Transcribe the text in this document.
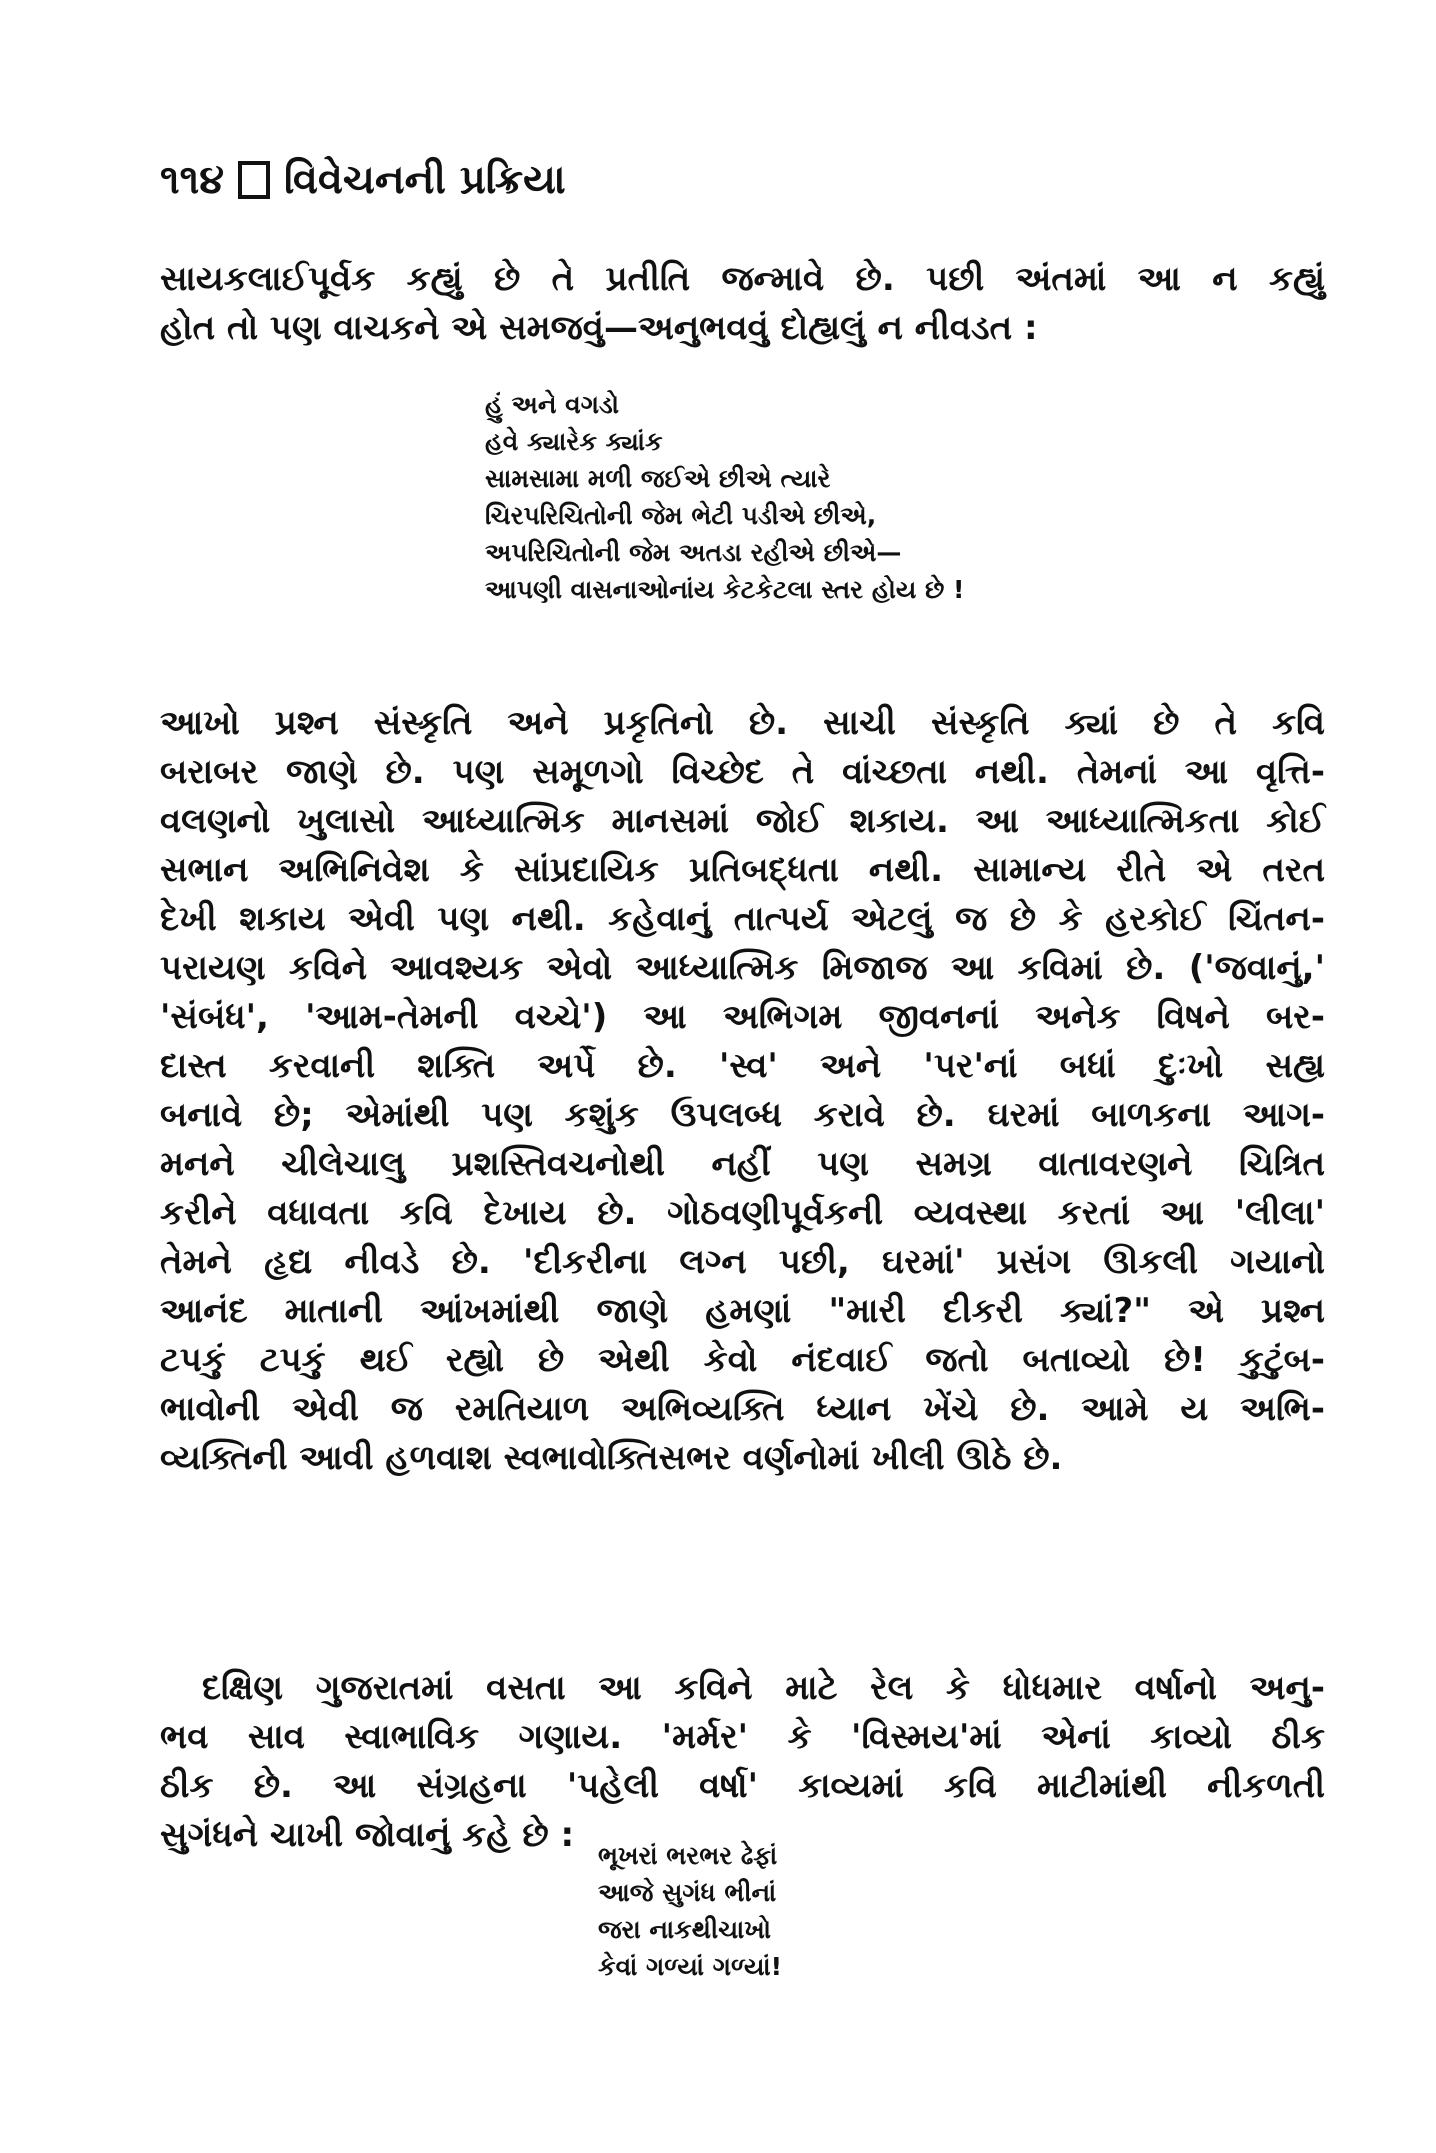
૧૧૪ વિવેચનની પ્રક્રિયા
સાયકલાઈપૂર્વક કહ્યું છે તે પ્રતીતિ જન્માવે છે. પછી અંતમાં આ ન કહ્યું
હોત તો પણ વાચકને એ સમજવું—અનુભવવું દોહ્યલું ન નીવડત :
હું અને વગડો
હવે ક્યારેક ક્યાંક
સામસામા મળી જઈએ છીએ ત્યારે
ચિરપરિચિતોની જેમ ભેટી પડીએ છીએ,
અપરિચિતોની જેમ અતડા રહીએ છીએ—
આપણી વાસનાઓનાંય કેટકેટલા સ્તર હોય છે !
આખો પ્રશ્ન સંસ્કૃતિ અને પ્રકૃતિનો છે. સાચી સંસ્કૃતિ ક્યાં છે તે કવિ
બરાબર જાણે છે. પણ સમૂળગો વિચ્છેદ તે વાંચ્છતા નથી. તેમનાં આ વૃત્તિ-
વલણનો ખુલાસો આધ્યાત્મિક માનસમાં જોઈ શકાય. આ આધ્યાત્મિકતા કોઈ
સભાન અભિનિવેશ કે સાંપ્રદાયિક પ્રતિબદ્ધતા નથી. સામાન્ય રીતે એ તરત
દેખી શકાય એવી પણ નથી. કહેવાનું તાત્પર્ય એટલું જ છે કે હરકોઈ ચિંતન-
પરાયણ કવિને આવશ્યક એવો આધ્યાત્મિક મિજાજ આ કવિમાં છે. ('જવાનું,'
'સંબંધ', 'આમ-તેમની વચ્ચે') આ અભિગમ જીવનનાં અનેક વિષને બર-
દાસ્ત કરવાની શક્તિ અર્પે છે. 'સ્વ' અને 'પર'નાં બધાં દુઃખો સહ્ય
બનાવે છે; એમાંથી પણ કશુંક ઉપલબ્ધ કરાવે છે. ઘરમાં બાળકના આગ-
મનને ચીલેચાલુ પ્રશસ્તિવચનોથી નહીં પણ સમગ્ર વાતાવરણને ચિત્રિત
કરીને વધાવતા કવિ દેખાય છે. ગોઠવણીપૂર્વકની વ્યવસ્થા કરતાં આ 'લીલા'
તેમને હૃદ્ય નીવડે છે. 'દીકરીના લગ્ન પછી, ઘરમાં' પ્રસંગ ઊકલી ગયાનો
આનંદ માતાની આંખમાંથી જાણે હમણાં "મારી દીકરી ક્યાં?" એ પ્રશ્ન
ટપકું ટપકું થઈ રહ્યો છે એથી કેવો નંદવાઈ જતો બતાવ્યો છે! કુટુંબ-
ભાવોની એવી જ રમતિયાળ અભિવ્યક્તિ ધ્યાન ખેંચે છે. આમે ય અભિ-
વ્યક્તિની આવી હળવાશ સ્વભાવોક્તિસભર વર્ણનોમાં ખીલી ઊઠે છે.
દક્ષિણ ગુજરાતમાં વસતા આ કવિને માટે રેલ કે ધોધમાર વર્ષાનો અનુ-
ભવ સાવ સ્વાભાવિક ગણાય. 'મર્મર' કે 'વિસ્મય'માં એનાં કાવ્યો ઠીક
ઠીક છે. આ સંગ્રહના 'પહેલી વર્ષા' કાવ્યમાં કવિ માટીમાંથી નીકળતી
સુગંધને ચાખી જોવાનું કહે છે :
ભૂખરાં ભરભર ઢેફાં
આજે સુગંધ ભીનાં
જરા નાકથીચાખો
કેવાં ગળ્યાં ગળ્યાં!
